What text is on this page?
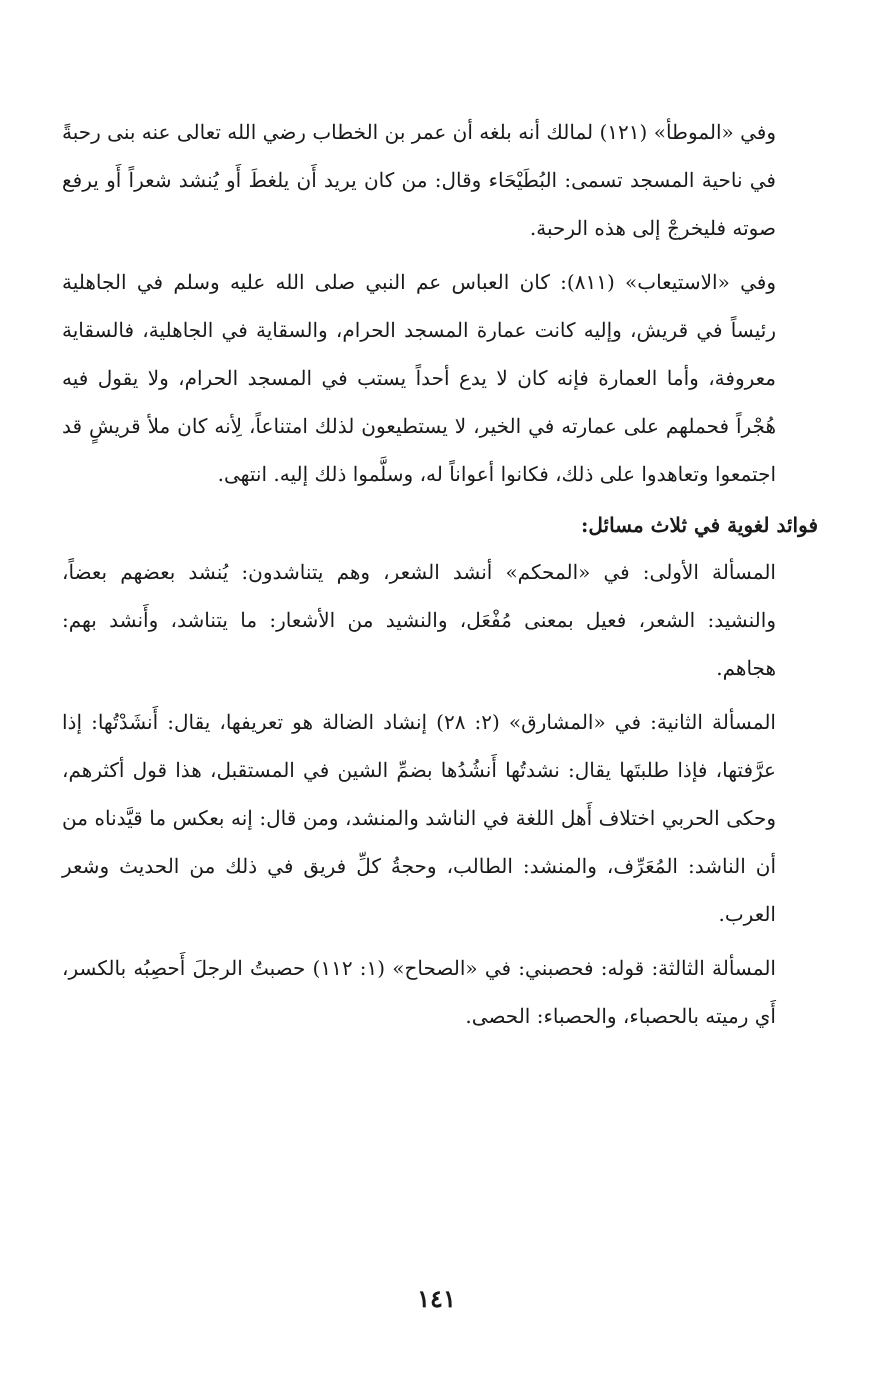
وفي «الموطأ» (١٢١) لمالك أنه بلغه أن عمر بن الخطاب رضي الله تعالى عنه بنى رحبةً في ناحية المسجد تسمى: البُطَيْحَاء وقال: من كان يريد أَن يلغطَ أَو يُنشد شعراً أَو يرفع صوته فليخرجْ إلى هذه الرحبة.

وفي «الاستيعاب» (٨١١): كان العباس عم النبي صلى الله عليه وسلم في الجاهلية رئيساً في قريش، وإليه كانت عمارة المسجد الحرام، والسقاية في الجاهلية، فالسقاية معروفة، وأما العمارة فإنه كان لا يدع أحداً يستب في المسجد الحرام، ولا يقول فيه هُجْراً فحملهم على عمارته في الخير، لا يستطيعون لذلك امتناعاً، لِأنه كان ملأ قريشٍ قد اجتمعوا وتعاهدوا على ذلك، فكانوا أعواناً له، وسلَّموا ذلك إليه. انتهى.

فوائد لغوية في ثلاث مسائل:

المسألة الأولى: في «المحكم» أنشد الشعر، وهم يتناشدون: يُنشد بعضهم بعضاً، والنشيد: الشعر، فعيل بمعنى مُفْعَل، والنشيد من الأشعار: ما يتناشد، وأَنشد بهم: هجاهم.

المسألة الثانية: في «المشارق» (٢: ٢٨) إنشاد الضالة هو تعريفها، يقال: أَنشَدْتُها: إذا عرَّفتها، فإذا طلبتَها يقال: نشدتُها أَنشُدُها بضمِّ الشين في المستقبل، هذا قول أكثرهم، وحكى الحربي اختلاف أَهل اللغة في الناشد والمنشد، ومن قال: إنه بعكس ما قيَّدناه من أن الناشد: المُعَرِّف، والمنشد: الطالب، وحجةُ كلِّ فريق في ذلك من الحديث وشعر العرب.

المسألة الثالثة: قوله: فحصبني: في «الصحاح» (١: ١١٢) حصبتُ الرجلَ أَحصِبُه بالكسر، أَي رميته بالحصباء، والحصباء: الحصى.

١٤١
